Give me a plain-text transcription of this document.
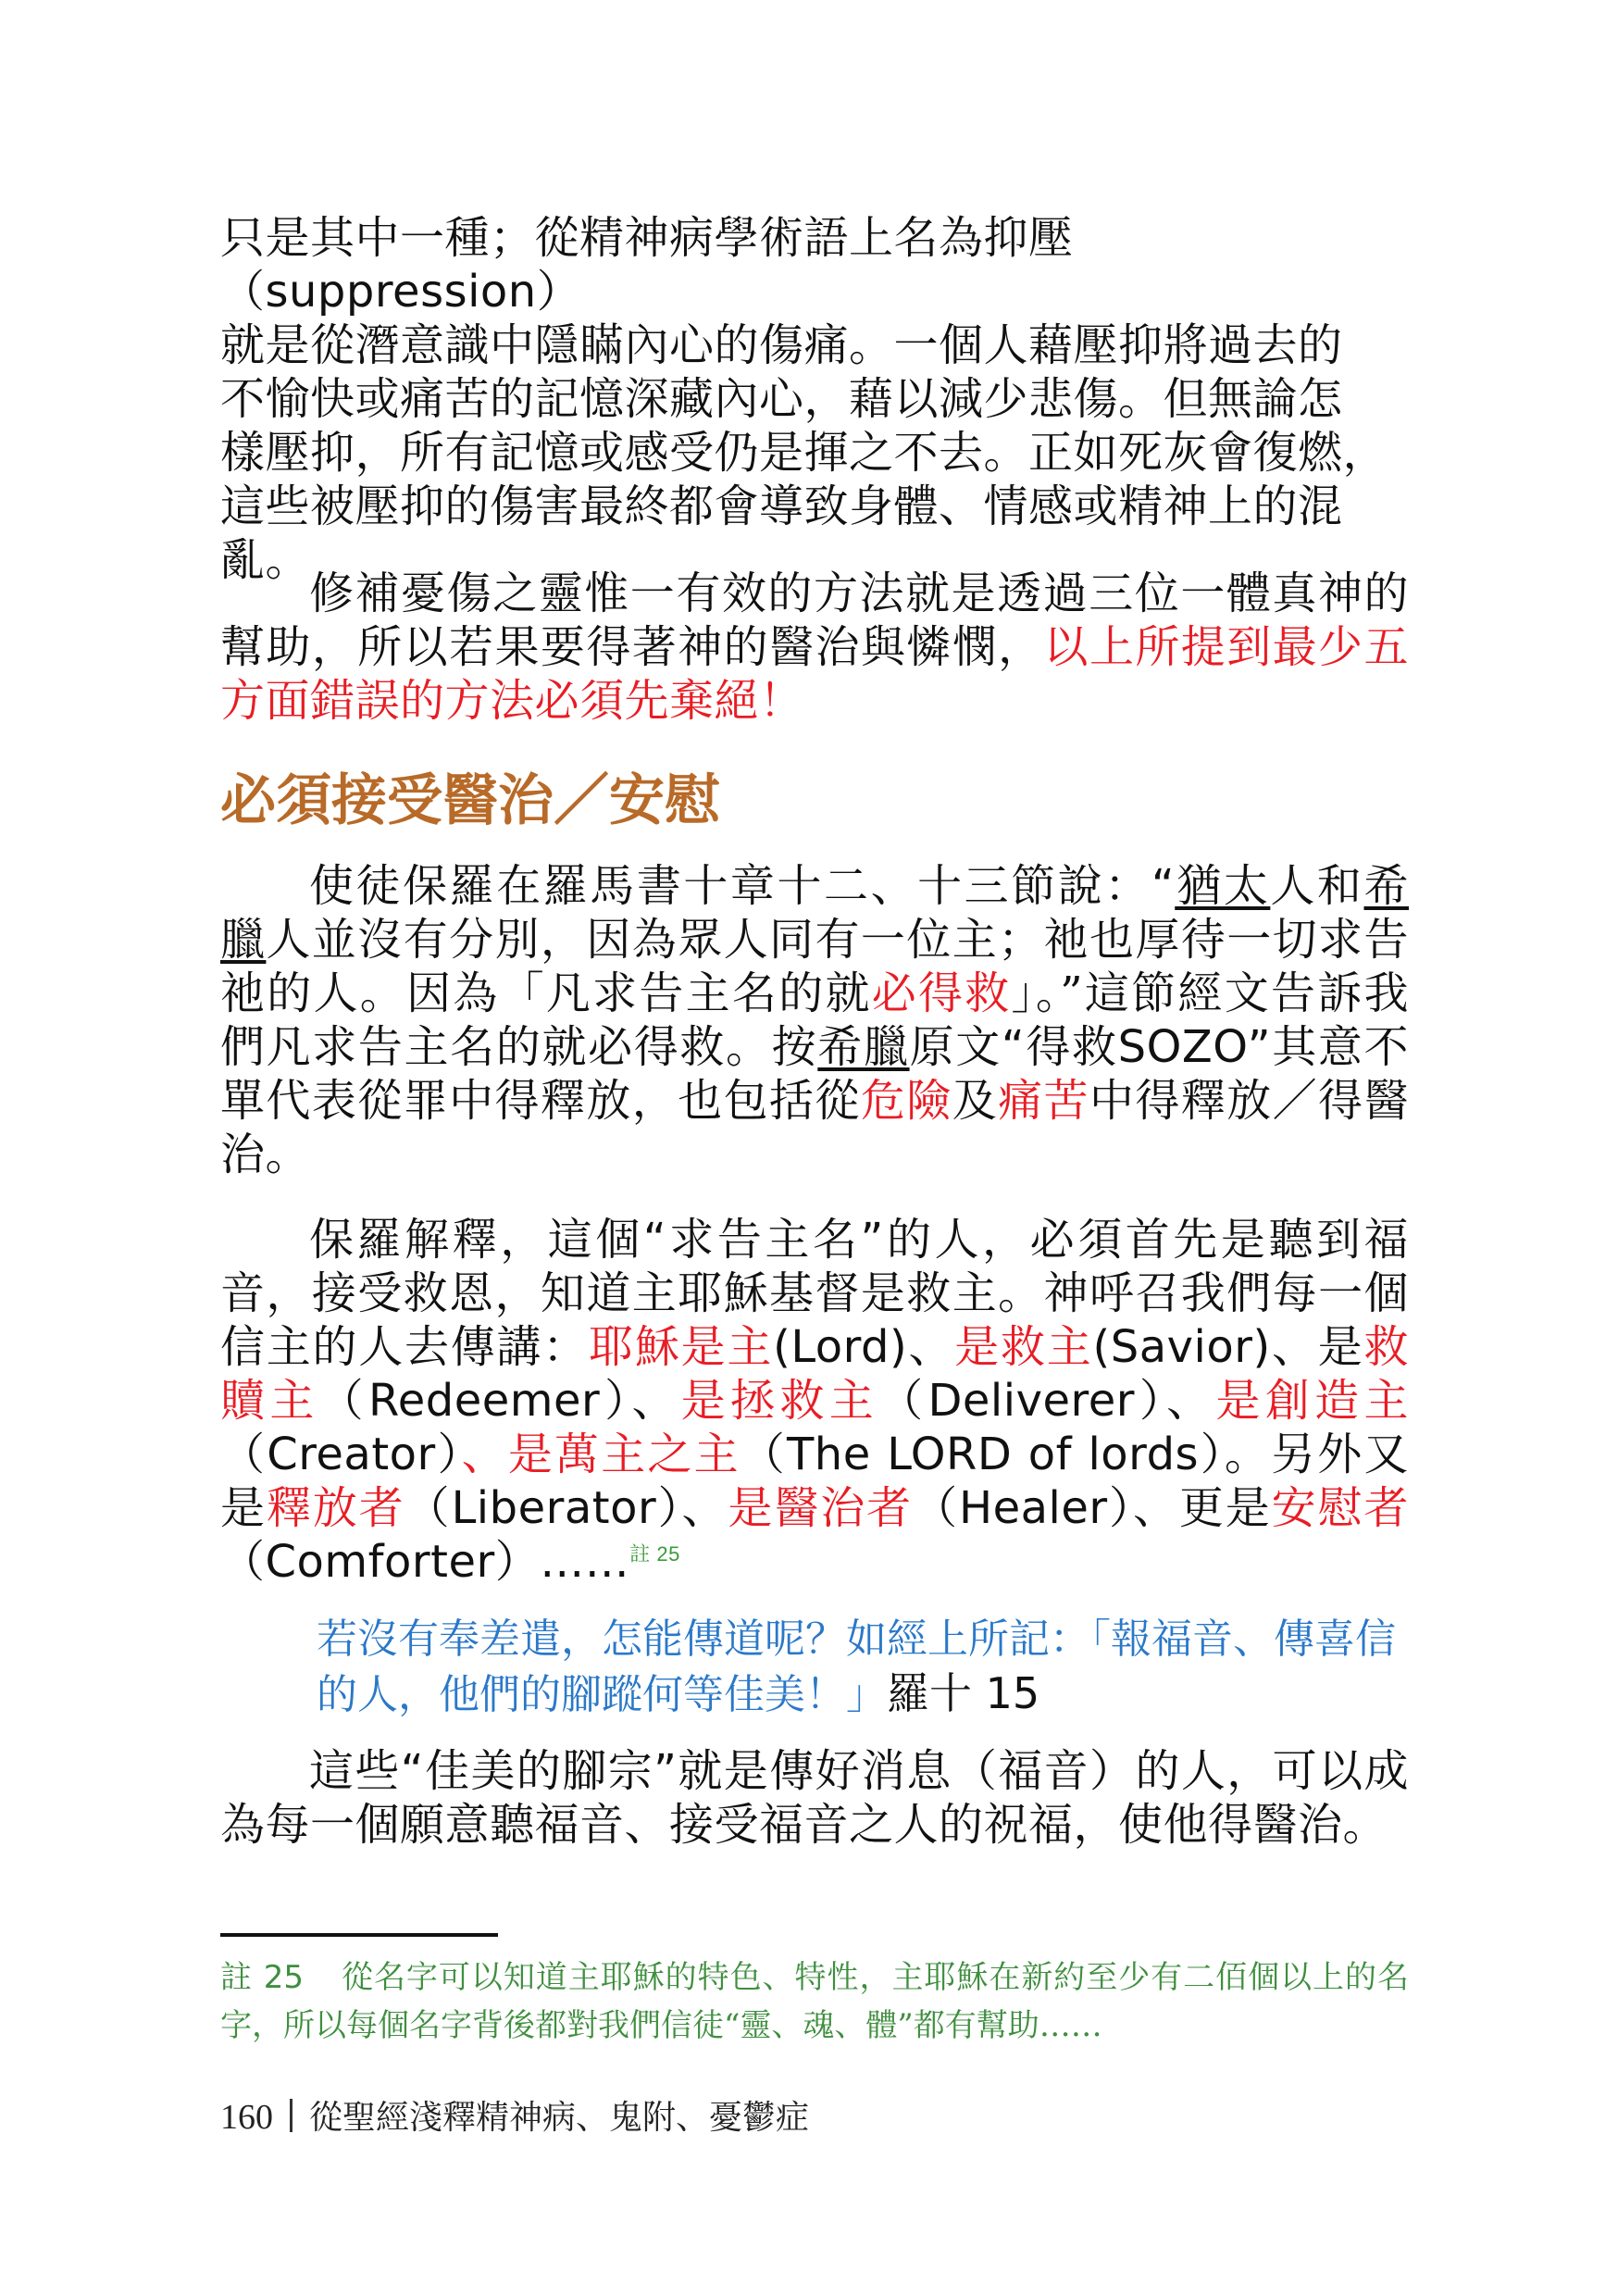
只是其中一種；從精神病學術語上名為抑壓（suppression）
就是從潛意識中隱瞞內心的傷痛。一個人藉壓抑將過去的
不愉快或痛苦的記憶深藏內心，藉以減少悲傷。但無論怎
樣壓抑，所有記憶或感受仍是揮之不去。正如死灰會復燃，
這些被壓抑的傷害最終都會導致身體、情感或精神上的混
亂。

修補憂傷之靈惟一有效的方法就是透過三位一體真神的幫助，所以若果要得著神的醫治與憐憫，以上所提到最少五方面錯誤的方法必須先棄絕！

必須接受醫治／安慰

使徒保羅在羅馬書十章十二、十三節說：“猶太人和希臘人並沒有分別，因為眾人同有一位主；祂也厚待一切求告祂的人。因為「凡求告主名的就必得救」。”這節經文告訴我們凡求告主名的就必得救。按希臘原文“得救SOZO”其意不單代表從罪中得釋放，也包括從危險及痛苦中得釋放／得醫治。

保羅解釋，這個“求告主名”的人，必須首先是聽到福音，接受救恩，知道主耶穌基督是救主。神呼召我們每一個信主的人去傳講：耶穌是主(Lord)、是救主(Savior)、是救贖主（Redeemer）、是拯救主（Deliverer）、是創造主（Creator）、是萬主之主（The LORD of lords）。另外又是釋放者（Liberator）、是醫治者（Healer）、更是安慰者（Comforter）……$^{註 25}$

若沒有奉差遣，怎能傳道呢？如經上所記：「報福音、傳喜信的人，他們的腳蹤何等佳美！」羅十 15

這些“佳美的腳宗”就是傳好消息（福音）的人，可以成為每一個願意聽福音、接受福音之人的祝福，使他得醫治。

註 25 從名字可以知道主耶穌的特色、特性，主耶穌在新約至少有二佰個以上的名字，所以每個名字背後都對我們信徒“靈、魂、體”都有幫助……

160 從聖經淺釋精神病、鬼附、憂鬱症
